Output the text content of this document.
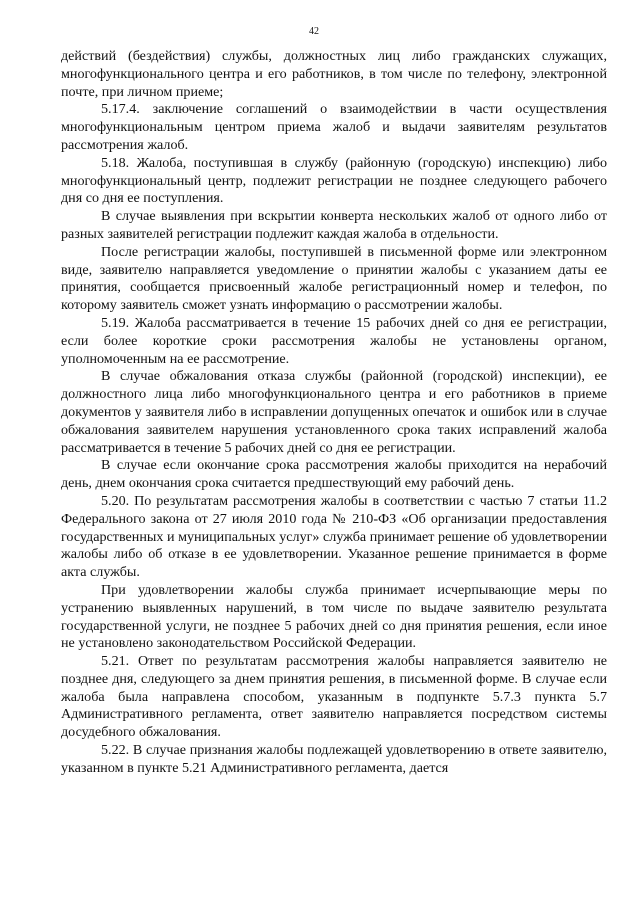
42

действий (бездействия) службы, должностных лиц либо гражданских служащих, многофункционального центра и его работников, в том числе по телефону, электронной почте, при личном приеме;

5.17.4. заключение соглашений о взаимодействии в части осуществления многофункциональным центром приема жалоб и выдачи заявителям результатов рассмотрения жалоб.

5.18. Жалоба, поступившая в службу (районную (городскую) инспекцию) либо многофункциональный центр, подлежит регистрации не позднее следующего рабочего дня со дня ее поступления.

В случае выявления при вскрытии конверта нескольких жалоб от одного либо от разных заявителей регистрации подлежит каждая жалоба в отдельности.

После регистрации жалобы, поступившей в письменной форме или электронном виде, заявителю направляется уведомление о принятии жалобы с указанием даты ее принятия, сообщается присвоенный жалобе регистрационный номер и телефон, по которому заявитель сможет узнать информацию о рассмотрении жалобы.

5.19. Жалоба рассматривается в течение 15 рабочих дней со дня ее регистрации, если более короткие сроки рассмотрения жалобы не установлены органом, уполномоченным на ее рассмотрение.

В случае обжалования отказа службы (районной (городской) инспекции), ее должностного лица либо многофункционального центра и его работников в приеме документов у заявителя либо в исправлении допущенных опечаток и ошибок или в случае обжалования заявителем нарушения установленного срока таких исправлений жалоба рассматривается в течение 5 рабочих дней со дня ее регистрации.

В случае если окончание срока рассмотрения жалобы приходится на нерабочий день, днем окончания срока считается предшествующий ему рабочий день.

5.20. По результатам рассмотрения жалобы в соответствии с частью 7 статьи 11.2 Федерального закона от 27 июля 2010 года № 210-ФЗ «Об организации предоставления государственных и муниципальных услуг» служба принимает решение об удовлетворении жалобы либо об отказе в ее удовлетворении. Указанное решение принимается в форме акта службы.

При удовлетворении жалобы служба принимает исчерпывающие меры по устранению выявленных нарушений, в том числе по выдаче заявителю результата государственной услуги, не позднее 5 рабочих дней со дня принятия решения, если иное не установлено законодательством Российской Федерации.

5.21. Ответ по результатам рассмотрения жалобы направляется заявителю не позднее дня, следующего за днем принятия решения, в письменной форме. В случае если жалоба была направлена способом, указанным в подпункте 5.7.3 пункта 5.7 Административного регламента, ответ заявителю направляется посредством системы досудебного обжалования.

5.22. В случае признания жалобы подлежащей удовлетворению в ответе заявителю, указанном в пункте 5.21 Административного регламента, дается
